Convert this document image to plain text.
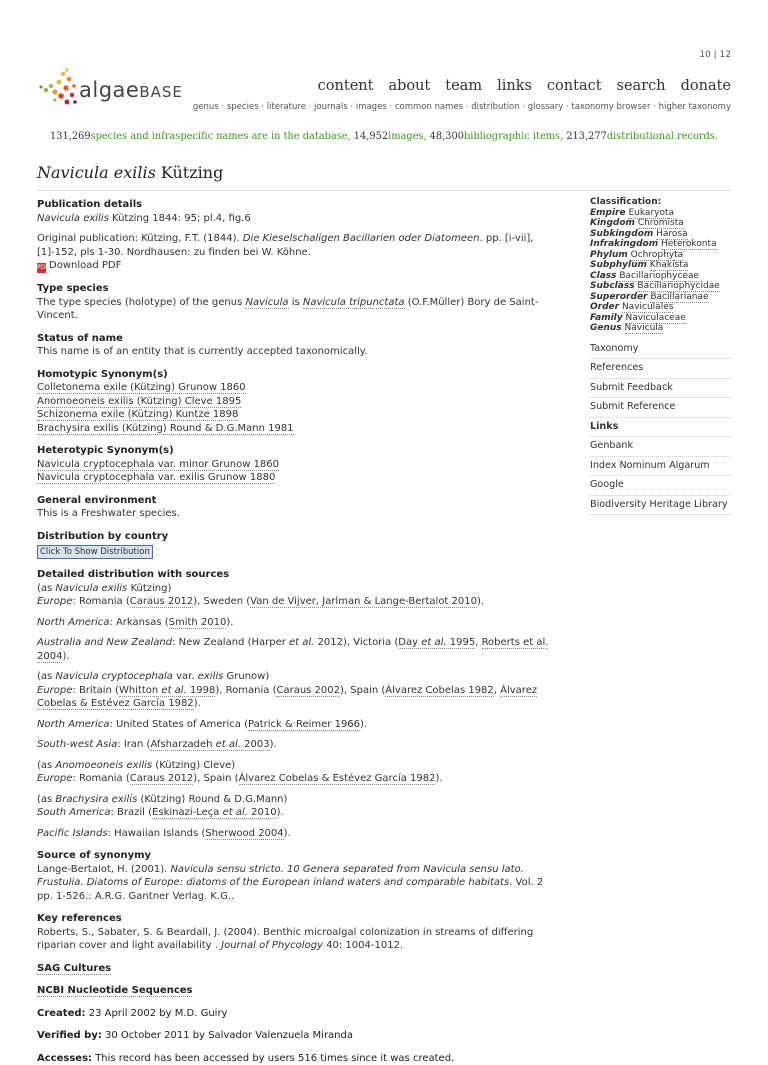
10 | 12
algaeBASE	content about team links contact search donate
genus · species · literature · journals · images · common names · distribution · glossary · taxonomy browser · higher taxonomy
131,269species and infraspecific names are in the database, 14,952images, 48,300bibliographic items, 213,277distributional records.
Navicula exilis Kützing

Publication details

Navicula exilis Kützing 1844: 95; pl.4, fig.6

Original publication: Kützing, F.T. (1844). Die Kieselschaligen Bacillarien oder Diatomeen. pp. [i-vii], [1]-152, pls 1-30. Nordhausen: zu finden bei W. Köhne.

PDFDownload PDF

Type species

The type species (holotype) of the genus Navicula is Navicula tripunctata (O.F.Müller) Bory de Saint-Vincent.

Status of name

This name is of an entity that is currently accepted taxonomically.

Homotypic Synonym(s)

Colletonema exile (Kützing) Grunow 1860

Anomoeoneis exilis (Kützing) Cleve 1895

Schizonema exile (Kützing) Kuntze 1898

Brachysira exilis (Kützing) Round & D.G.Mann 1981

Heterotypic Synonym(s)

Navicula cryptocephala var. minor Grunow 1860

Navicula cryptocephala var. exilis Grunow 1880

General environment

This is a Freshwater species.

Distribution by country

Click To Show Distribution

Detailed distribution with sources

(as Navicula exilis Kützing)

Europe: Romania (Caraus 2012), Sweden (Van de Vijver, Jarlman & Lange-Bertalot 2010).

North America: Arkansas (Smith 2010).

Australia and New Zealand: New Zealand (Harper et al. 2012), Victoria (Day et al. 1995, Roberts et al. 2004).

(as Navicula cryptocephala var. exilis Grunow)

Europe: Britain (Whitton et al. 1998), Romania (Caraus 2002), Spain (Álvarez Cobelas 1982, Álvarez Cobelas & Estévez García 1982).

North America: United States of America (Patrick & Reimer 1966).

South-west Asia: Iran (Afsharzadeh et al. 2003).

(as Anomoeoneis exilis (Kützing) Cleve)

Europe: Romania (Caraus 2012), Spain (Álvarez Cobelas & Estévez García 1982).

(as Brachysira exilis (Kützing) Round & D.G.Mann)

South America: Brazil (Eskinazi-Leça et al. 2010).

Pacific Islands: Hawaiian Islands (Sherwood 2004).

Source of synonymy

Lange-Bertalot, H. (2001). Navicula sensu stricto. 10 Genera separated from Navicula sensu lato. Frustulia. Diatoms of Europe: diatoms of the European inland waters and comparable habitats. Vol. 2 pp. 1-526.: A.R.G. Gantner Verlag. K.G..

Key references

Roberts, S., Sabater, S. & Beardall, J. (2004). Benthic microalgal colonization in streams of differing riparian cover and light availability . Journal of Phycology 40: 1004-1012.

SAG Cultures

NCBI Nucleotide Sequences

Created: 23 April 2002 by M.D. Guiry

Verified by: 30 October 2011 by Salvador Valenzuela Miranda

Accesses: This record has been accessed by users 516 times since it was created.

Classification:
Empire Eukaryota
Kingdom Chromista
Subkingdom Harosa
Infrakingdom Heterokonta
Phylum Ochrophyta
Subphylum Khakista
Class Bacillariophyceae
Subclass Bacillariophycidae
Superorder Bacillarianae
Order Naviculales
Family Naviculaceae
Genus Navicula
Taxonomy
References
Submit Feedback
Submit Reference
Links
Genbank
Index Nominum Algarum
Google
Biodiversity Heritage Library
